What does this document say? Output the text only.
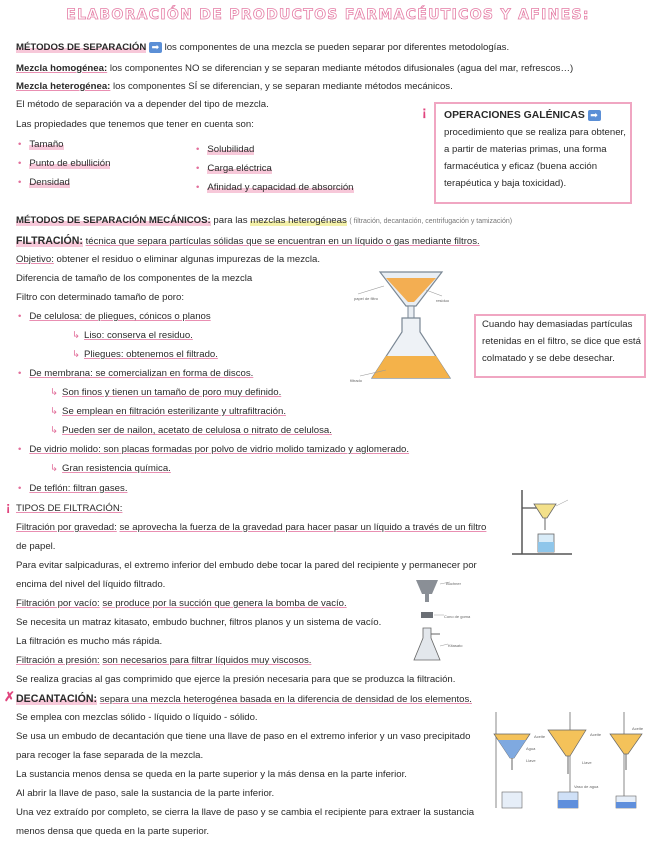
ELABORACIÓN DE PRODUCTOS FARMACÉUTICOS Y AFINES:
MÉTODOS DE SEPARACIÓN ➡ los componentes de una mezcla se pueden separar por diferentes metodologías.
Mezcla homogénea: los componentes NO se diferencian y se separan mediante métodos difusionales (agua del mar, refrescos…)
Mezcla heterogénea: los componentes SÍ se diferencian, y se separan mediante métodos mecánicos.
El método de separación va a depender del tipo de mezcla.
Las propiedades que tenemos que tener en cuenta son:
• Tamaño
• Punto de ebullición
• Densidad
• Solubilidad
• Carga eléctrica
• Afinidad y capacidad de absorción
¡ OPERACIONES GALÉNICAS ➡
procedimiento que se realiza para obtener,
a partir de materias primas, una forma
farmacéutica y eficaz (buena acción
terapéutica y baja toxicidad).
MÉTODOS DE SEPARACIÓN MECÁNICOS: para las mezclas heterogéneas ( filtración, decantación, centrifugación y tamización)
FILTRACIÓN: técnica que separa partículas sólidas que se encuentran en un líquido o gas mediante filtros.
Objetivo: obtener el residuo o eliminar algunas impurezas de la mezcla.
Diferencia de tamaño de los componentes de la mezcla
Filtro con determinado tamaño de poro:
• De celulosa: de pliegues, cónicos o planos
↳ Liso: conserva el residuo.
↳ Pliegues: obtenemos el filtrado.
• De membrana: se comercializan en forma de discos.
↳ Son finos y tienen un tamaño de poro muy definido.
↳ Se emplean en filtración esterilizante y ultrafiltración.
↳ Pueden ser de nailon, acetato de celulosa o nitrato de celulosa.
• De vidrio molido: son placas formadas por polvo de vidrio molido tamizado y aglomerado.
↳ Gran resistencia química.
• De teflón: filtran gases.
papel de filtro	residuo
filtrado
Cuando hay demasiadas partículas
retenidas en el filtro, se dice que está
colmatado y se debe desechar.
¡ TIPOS DE FILTRACIÓN:
Filtración por gravedad: se aprovecha la fuerza de la gravedad para hacer pasar un líquido a través de un filtro
de papel.
Para evitar salpicaduras, el extremo inferior del embudo debe tocar la pared del recipiente y permanecer por
encima del nivel del líquido filtrado.
Filtración por vacío: se produce por la succión que genera la bomba de vacío.
Se necesita un matraz kitasato, embudo buchner, filtros planos y un sistema de vacío.
La filtración es mucho más rápida.
Filtración a presión: son necesarios para filtrar líquidos muy viscosos.
Se realiza gracias al gas comprimido que ejerce la presión necesaria para que se produzca la filtración.
Buchner
Cono de goma
Kitasato
✗ DECANTACIÓN: separa una mezcla heterogénea basada en la diferencia de densidad de los elementos.
Se emplea con mezclas sólido - líquido o líquido - sólido.
Se usa un embudo de decantación que tiene una llave de paso en el extremo inferior y un vaso precipitado
para recoger la fase separada de la mezcla.
La sustancia menos densa se queda en la parte superior y la más densa en la parte inferior.
Al abrir la llave de paso, sale la sustancia de la parte inferior.
Una vez extraído por completo, se cierra la llave de paso y se cambia el recipiente para extraer la sustancia
menos densa que queda en la parte superior.
Aceite
Agua
Llave
Aceite
Llave
Vaso de agua
Aceite
